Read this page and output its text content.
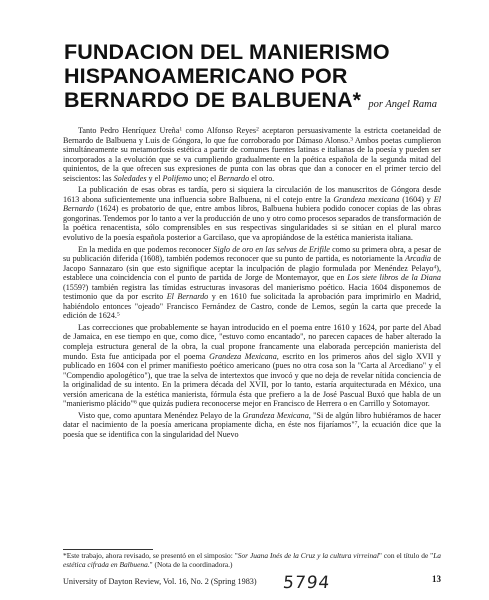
FUNDACION DEL MANIERISMO
HISPANOAMERICANO POR
BERNARDO DE BALBUENA* por Angel Rama

Tanto Pedro Henríquez Ureña$^1$ como Alfonso Reyes$^2$ aceptaron persuasivamente la estricta coetaneidad de Bernardo de Balbuena y Luis de Góngora, lo que fue corroborado por Dámaso Alonso.$^3$ Ambos poetas cumplieron simultáneamente su metamorfosis estética a partir de comunes fuentes latinas e italianas de la poesía y pueden ser incorporados a la evolución que se va cumpliendo gradualmente en la poética española de la segunda mitad del quinientos, de la que ofrecen sus expresiones de punta con las obras que dan a conocer en el primer tercio del seiscientos: las Soledades y el Polifemo uno; el Bernardo el otro.

La publicación de esas obras es tardía, pero si siquiera la circulación de los manuscritos de Góngora desde 1613 abona suficientemente una influencia sobre Balbuena, ni el cotejo entre la Grandeza mexicana (1604) y El Bernardo (1624) es probatorio de que, entre ambos libros, Balbuena hubiera podido conocer copias de las obras gongorinas. Tendemos por lo tanto a ver la producción de uno y otro como procesos separados de transformación de la poética renacentista, sólo comprensibles en sus respectivas singularidades si se sitúan en el plural marco evolutivo de la poesía española posterior a Garcilaso, que va apropiándose de la estética manierista italiana.

En la medida en que podemos reconocer Siglo de oro en las selvas de Erifile como su primera obra, a pesar de su publicación diferida (1608), también podemos reconocer que su punto de partida, es notoriamente la Arcadia de Jacopo Sannazaro (sin que esto signifique aceptar la inculpación de plagio formulada por Menéndez Pelayo$^4$), establece una coincidencia con el punto de partida de Jorge de Montemayor, que en Los siete libros de la Diana (1559?) también registra las tímidas estructuras invasoras del manierismo poético. Hacia 1604 disponemos de testimonio que da por escrito El Bernardo y en 1610 fue solicitada la aprobación para imprimirlo en Madrid, habiéndolo entonces "ojeado" Francisco Fernández de Castro, conde de Lemos, según la carta que precede la edición de 1624.$^5$

Las correcciones que probablemente se hayan introducido en el poema entre 1610 y 1624, por parte del Abad de Jamaica, en ese tiempo en que, como dice, "estuvo como encantado", no parecen capaces de haber alterado la compleja estructura general de la obra, la cual propone francamente una elaborada percepción manierista del mundo. Esta fue anticipada por el poema Grandeza Mexicana, escrito en los primeros años del siglo XVII y publicado en 1604 con el primer manifiesto poético americano (pues no otra cosa son la "Carta al Arcediano" y el "Compendio apologético"), que trae la selva de intertextos que invocó y que no deja de revelar nítida conciencia de la originalidad de su intento. En la primera década del XVII, por lo tanto, estaría arquitecturada en México, una versión americana de la estética manierista, fórmula ésta que prefiero a la de José Pascual Buxó que habla de un "manierismo plácido"$^6$ que quizás pudiera reconocerse mejor en Francisco de Herrera o en Carrillo y Sotomayor.

Visto que, como apuntara Menéndez Pelayo de la Grandeza Mexicana, "Si de algún libro hubiéramos de hacer datar el nacimiento de la poesía americana propiamente dicha, en éste nos fijaríamos"$^7$, la ecuación dice que la poesía que se identifica con la singularidad del Nuevo

*Este trabajo, ahora revisado, se presentó en el simposio: "Sor Juana Inés de la Cruz y la cultura virreinal" con el título de "La estética cifrada en Balbuena." (Nota de la coordinadora.)
University of Dayton Review, Vol. 16, No. 2 (Spring 1983) 5794	13
